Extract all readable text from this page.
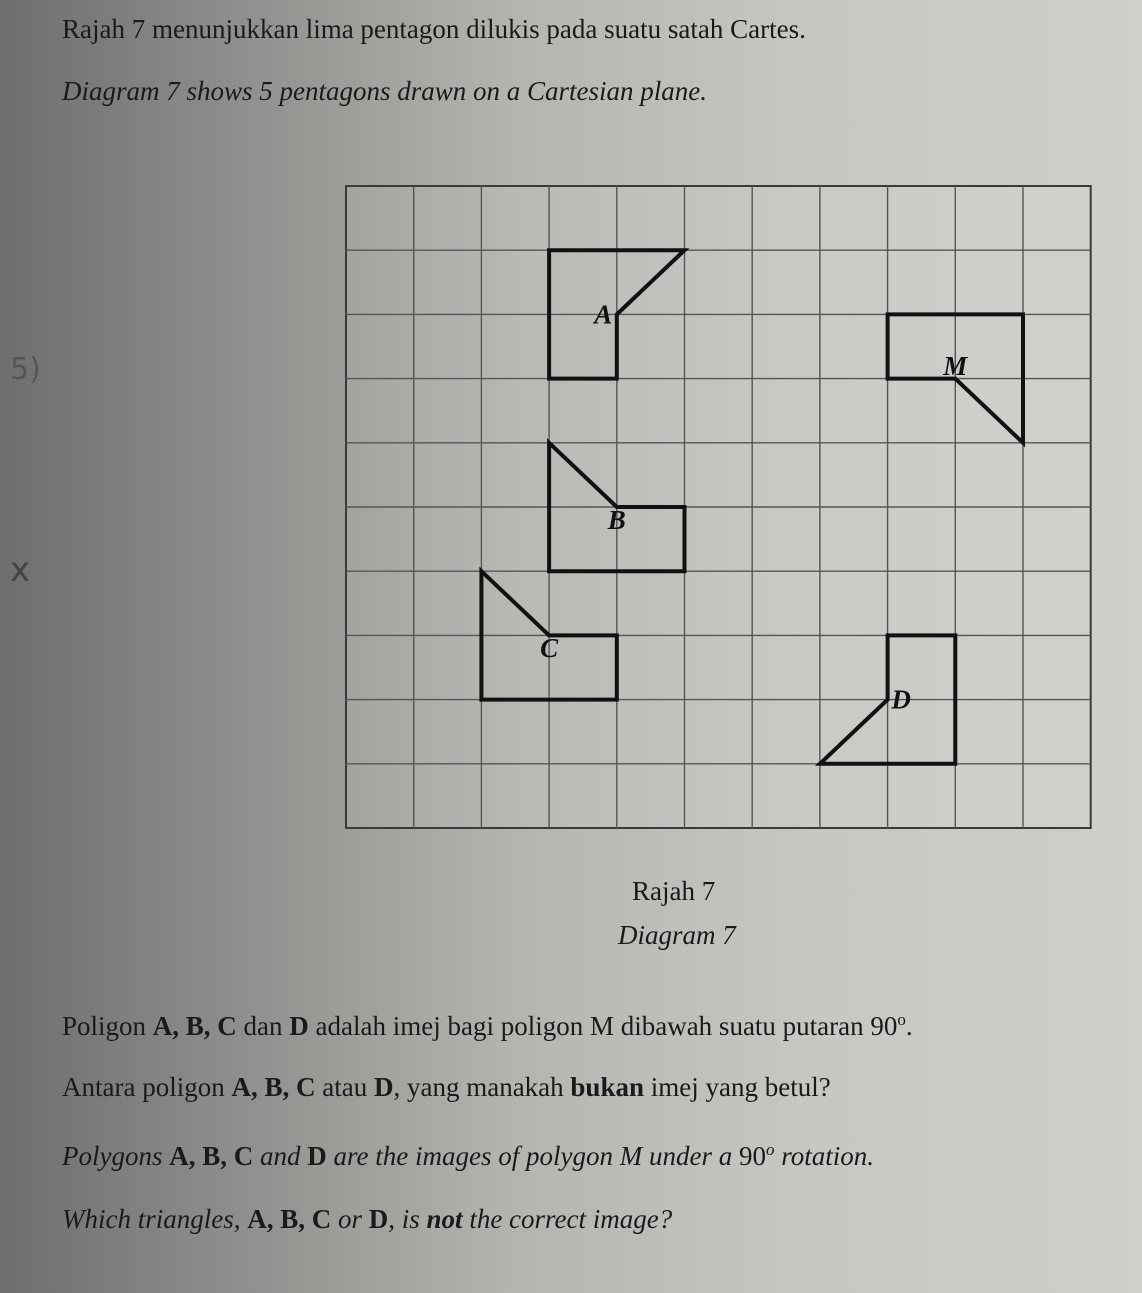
Rajah 7 menunjukkan lima pentagon dilukis pada suatu satah Cartes.
Diagram 7 shows 5 pentagons drawn on a Cartesian plane.
A
M
B
C
D
Rajah 7
Diagram 7
Poligon A, B, C dan D adalah imej bagi poligon M dibawah suatu putaran 90$^o$.
Antara poligon A, B, C atau D, yang manakah bukan imej yang betul?
Polygons A, B, C and D are the images of polygon M under a 90$^o$ rotation.
Which triangles, A, B, C or D, is not the correct image?
5)
x
